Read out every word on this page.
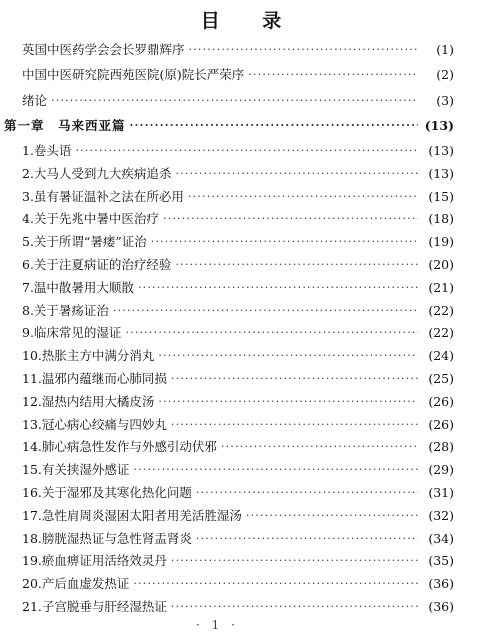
目 录
英国中医药学会会长罗鼎辉序 ·····	(1)
中国中医研究院西苑医院(原)院长严荣序 ·····	(2)
绪论 ·····	(3)
第一章　马来西亚篇 ·····	(13)
1.卷头语 ·····	(13)
2.大马人受到九大疾病追杀 ·····	(13)
3.虽有暑证温补之法在所必用 ·····	(15)
4.关于先兆中暑中医治疗 ·····	(18)
5.关于所谓“暑痿”证治 ·····	(19)
6.关于注夏病证的治疗经验 ·····	(20)
7.温中散暑用大顺散 ·····	(21)
8.关于暑疡证治 ·····	(22)
9.临床常见的湿证 ·····	(22)
10.热胀主方中满分消丸 ·····	(24)
11.温邪内蕴继而心肺同损 ·····	(25)
12.湿热内结用大橘皮汤 ·····	(26)
13.冠心病心绞痛与四妙丸 ·····	(26)
14.肺心病急性发作与外感引动伏邪 ·····	(28)
15.有关挟湿外感证 ·····	(29)
16.关于湿邪及其寒化热化问题 ·····	(31)
17.急性肩周炎湿困太阳者用羌活胜湿汤 ·····	(32)
18.膀胱湿热证与急性肾盂肾炎 ·····	(34)
19.瘀血痹证用活络效灵丹 ·····	(35)
20.产后血虚发热证 ·····	(36)
21.子宫脱垂与肝经湿热证 ·····	(36)
· 1 ·
